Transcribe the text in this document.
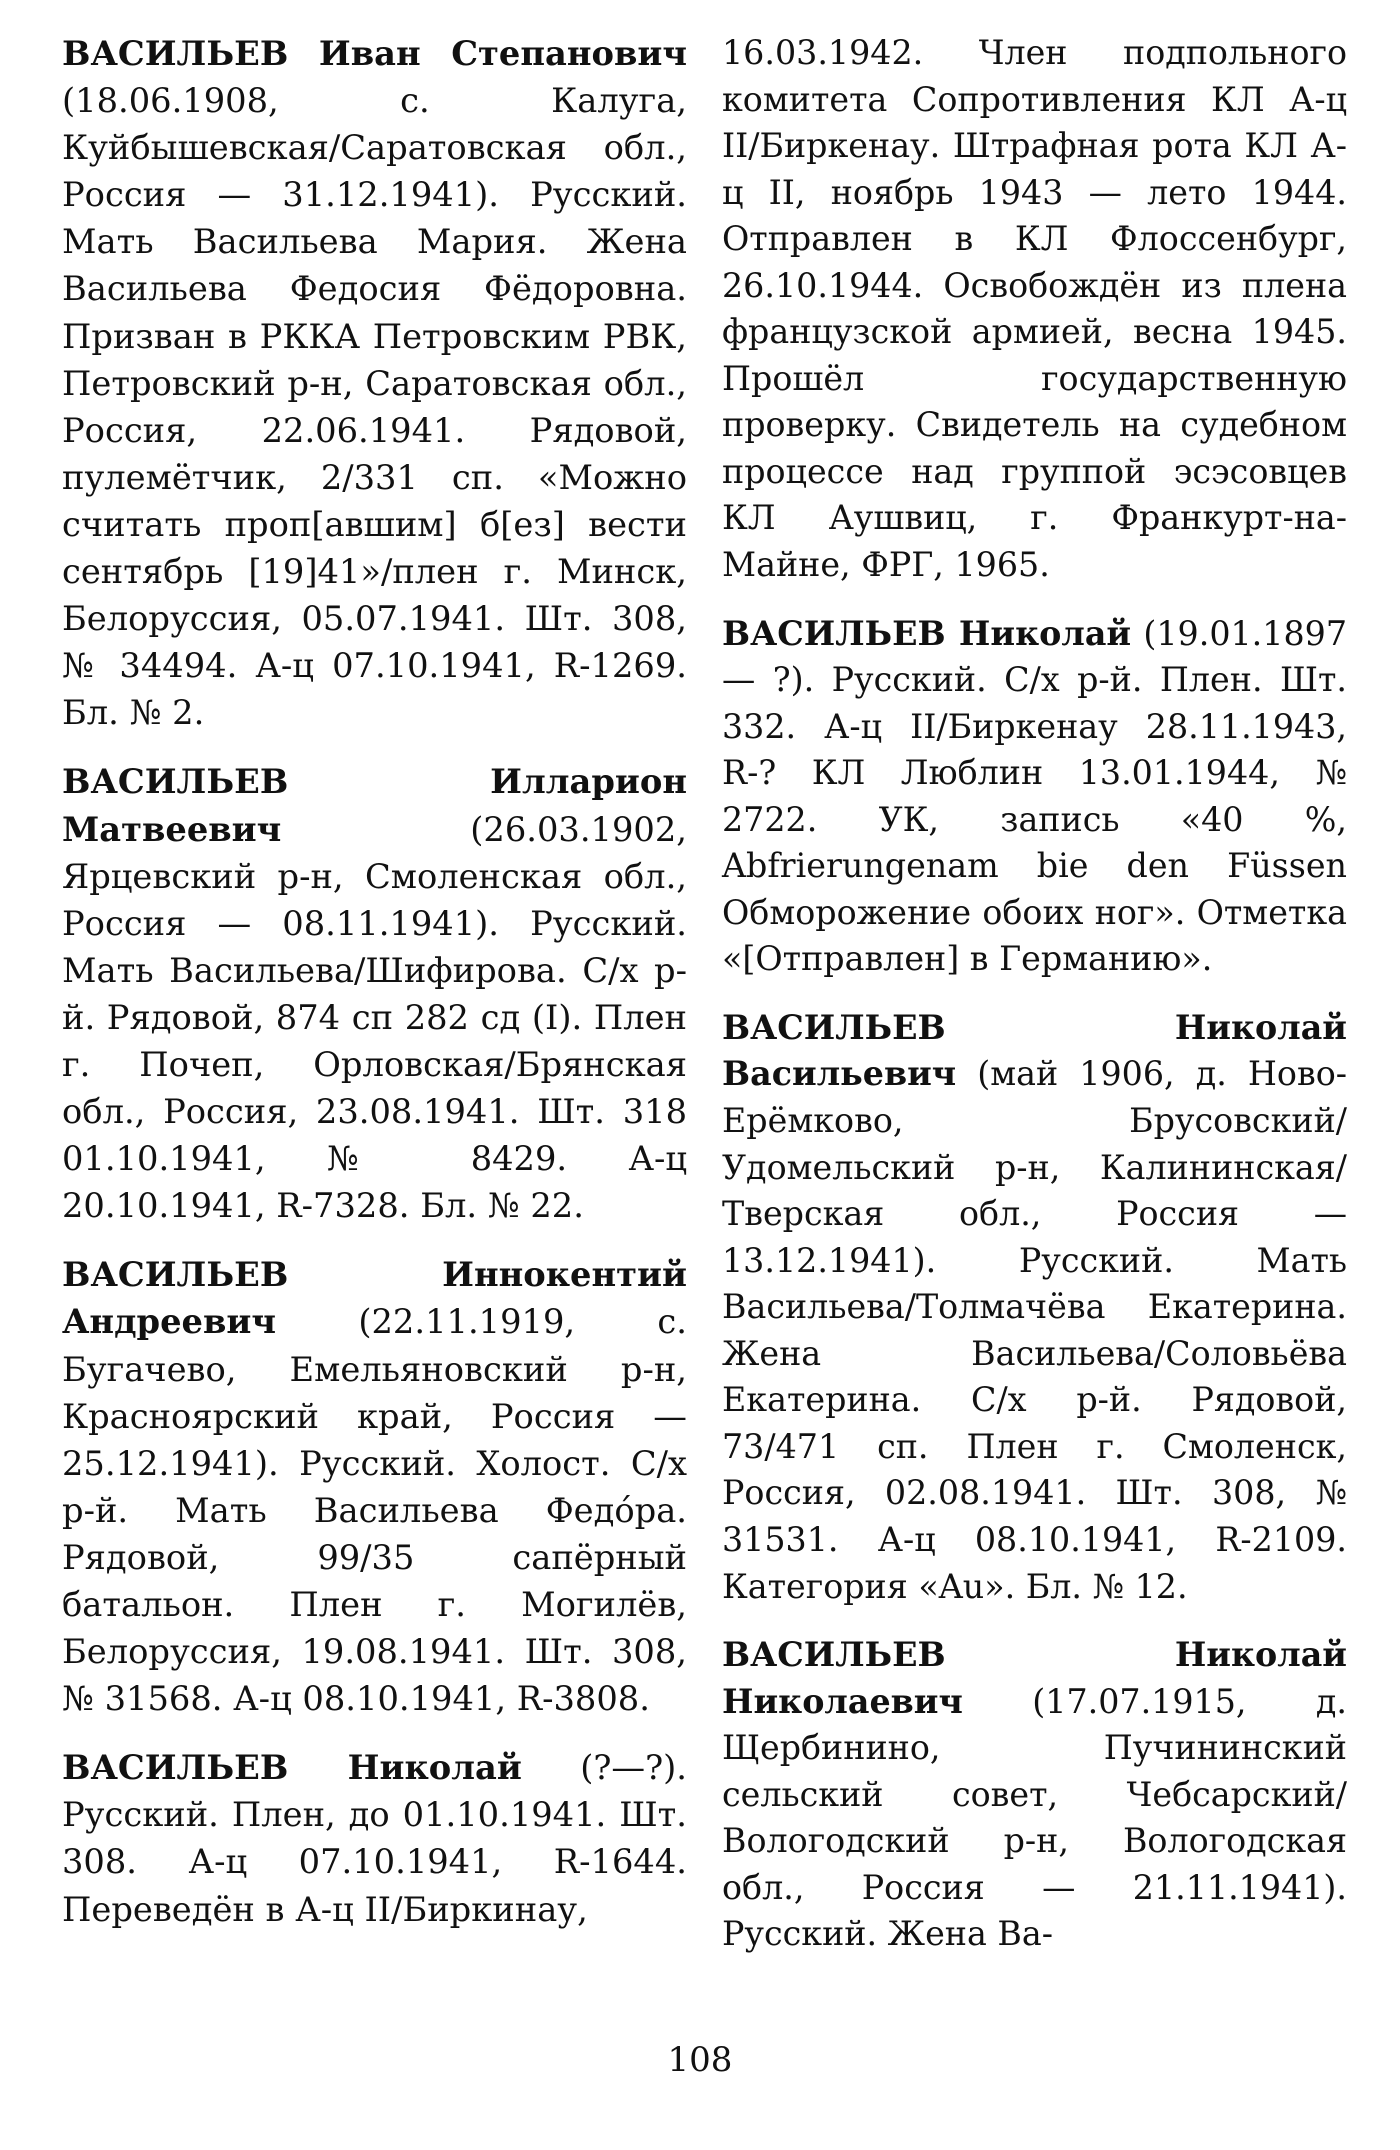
ВАСИЛЬЕВ Иван Степанович (18.06.1908, с. Калуга, Куйбышевская/Саратовская обл., Россия — 31.12.1941). Русский. Мать Васильева Мария. Жена Васильева Федосия Фёдоровна. Призван в РККА Петровским РВК, Петровский р-н, Саратовская обл., Россия, 22.06.1941. Рядовой, пулемётчик, 2/331 сп. «Можно считать проп[авшим] б[ез] вести сентябрь [19]41»/плен г. Минск, Белоруссия, 05.07.1941. Шт. 308, № 34494. А-ц 07.10.1941, R-1269. Бл. № 2.

ВАСИЛЬЕВ Илларион Матвеевич (26.03.1902, Ярцевский р-н, Смоленская обл., Россия — 08.11.1941). Русский. Мать Васильева/Шифирова. С/х р-й. Рядовой, 874 сп 282 сд (I). Плен г. Почеп, Орловская/Брянская обл., Россия, 23.08.1941. Шт. 318 01.10.1941, № 8429. А-ц 20.10.1941, R-7328. Бл. № 22.

ВАСИЛЬЕВ Иннокентий Андреевич (22.11.1919, с. Бугачево, Емельяновский р-н, Красноярский край, Россия — 25.12.1941). Русский. Холост. С/х р-й. Мать Васильева Федóра. Рядовой, 99/35 сапёрный батальон. Плен г. Могилёв, Белоруссия, 19.08.1941. Шт. 308, № 31568. А-ц 08.10.1941, R-3808.

ВАСИЛЬЕВ Николай (?—?). Русский. Плен, до 01.10.1941. Шт. 308. А-ц 07.10.1941, R-1644. Переведён в А-ц II/Биркинау,

16.03.1942. Член подпольного комитета Сопротивления КЛ А-ц II/Биркенау. Штрафная рота КЛ А-ц II, ноябрь 1943 — лето 1944. Отправлен в КЛ Флоссенбург, 26.10.1944. Освобождён из плена французской армией, весна 1945. Прошёл государственную проверку. Свидетель на судебном процессе над группой эсэсовцев КЛ Аушвиц, г. Франкурт-на-Майне, ФРГ, 1965.

ВАСИЛЬЕВ Николай (19.01.1897 — ?). Русский. С/х р-й. Плен. Шт. 332. А-ц II/Биркенау 28.11.1943, R-? КЛ Люблин 13.01.1944, № 2722. УК, запись «40 %, Abfrierungenam bie den Füssen Обморожение обоих ног». Отметка «[Отправлен] в Германию».

ВАСИЛЬЕВ Николай Васильевич (май 1906, д. Ново-Ерёмково, Брусовский/Удомельский р-н, Калининская/Тверская обл., Россия — 13.12.1941). Русский. Мать Васильева/Толмачёва Екатерина. Жена Васильева/Соловьёва Екатерина. С/х р-й. Рядовой, 73/471 сп. Плен г. Смоленск, Россия, 02.08.1941. Шт. 308, № 31531. А-ц 08.10.1941, R-2109. Категория «Au». Бл. № 12.

ВАСИЛЬЕВ Николай Николаевич (17.07.1915, д. Щербинино, Пучининский сельский совет, Чебсарский/Вологодский р-н, Вологодская обл., Россия — 21.11.1941). Русский. Жена Ва-

108
